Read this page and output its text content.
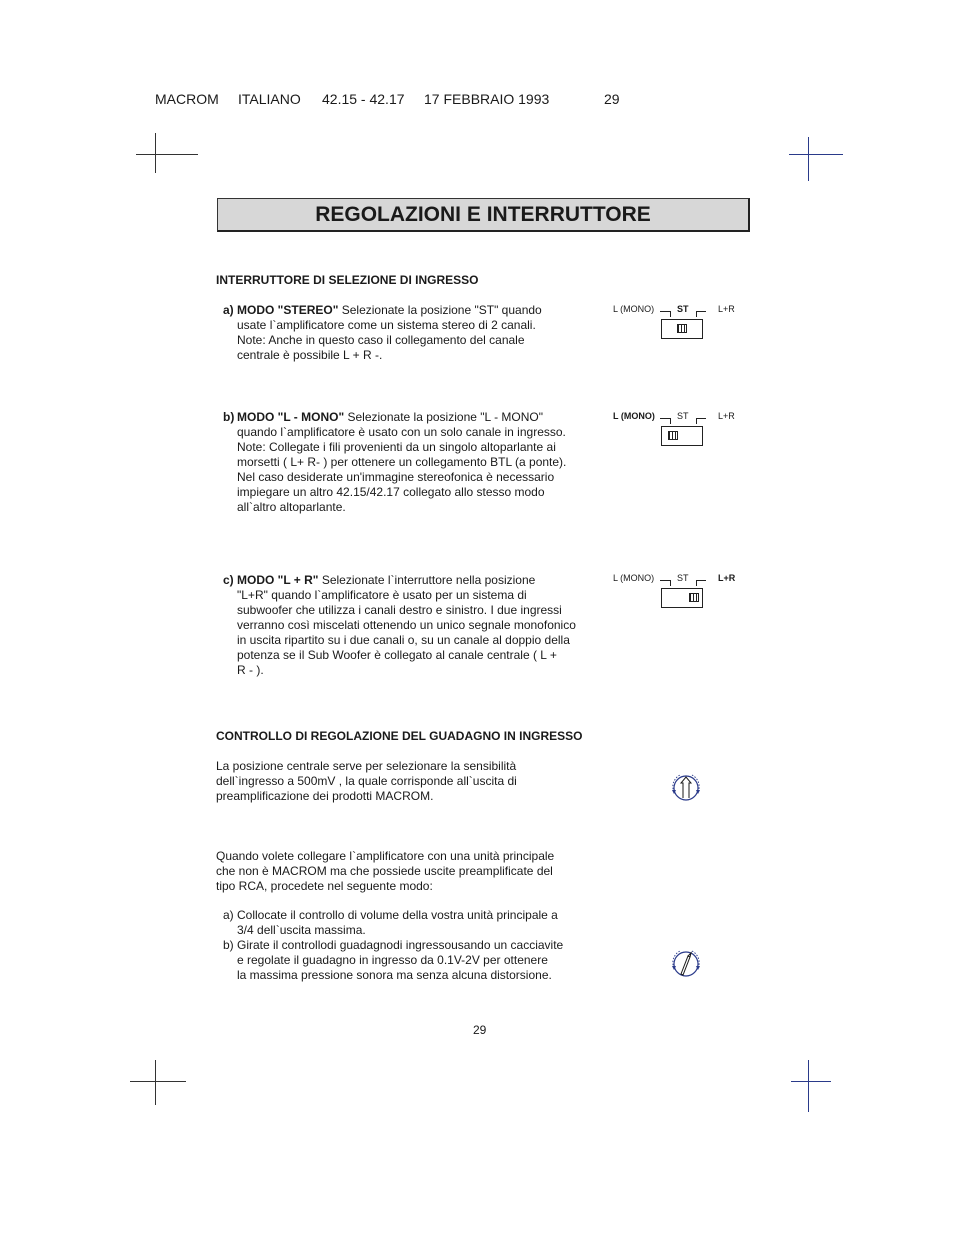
MACROM

ITALIANO

42.15 - 42.17

17 FEBBRAIO 1993

	29

REGOLAZIONI E INTERRUTTORE
INTERRUTTORE DI SELEZIONE DI INGRESSO
a) MODO "STEREO" Selezionate la posizione "ST" quando
usate l`amplificatore come un sistema stereo di 2 canali.
Note: Anche in questo caso il collegamento del canale
centrale è possibile L + R -.
b) MODO "L - MONO" Selezionate la posizione "L - MONO"
quando l`amplificatore è usato con un solo canale in ingresso.
Note: Collegate i fili provenienti da un singolo altoparlante ai
morsetti ( L+ R- ) per ottenere un collegamento BTL (a ponte).
Nel caso desiderate un'immagine stereofonica è necessario
impiegare un altro 42.15/42.17 collegato allo stesso modo
all`altro altoparlante.
c) MODO "L + R" Selezionate l`interruttore nella posizione
"L+R" quando l`amplificatore è usato per un sistema di
subwoofer che utilizza i canali destro e sinistro. I due ingressi
verranno così miscelati ottenendo un unico segnale monofonico
in uscita ripartito su i due canali o, su un canale al doppio della
potenza se il Sub Woofer è collegato al canale centrale ( L +
R - ).
L (MONO)	ST	L+R
L (MONO) ST	L+R
L (MONO)	ST	L+R
CONTROLLO DI REGOLAZIONE DEL GUADAGNO IN INGRESSO
La posizione centrale serve per selezionare la sensibilità
dell`ingresso a 500mV , la quale corrisponde all`uscita di
preamplificazione dei prodotti MACROM.
Quando volete collegare l`amplificatore con una unità principale
che non è MACROM ma che possiede uscite preamplificate del
tipo RCA, procedete nel seguente modo:
a) Collocate il controllo di volume della vostra unità principale a
3/4 dell`uscita massima.
b) Girate il controllodi guadagnodi ingressousando un cacciavite
e regolate il guadagno in ingresso da 0.1V-2V per ottenere
la massima pressione sonora ma senza alcuna distorsione.
29
